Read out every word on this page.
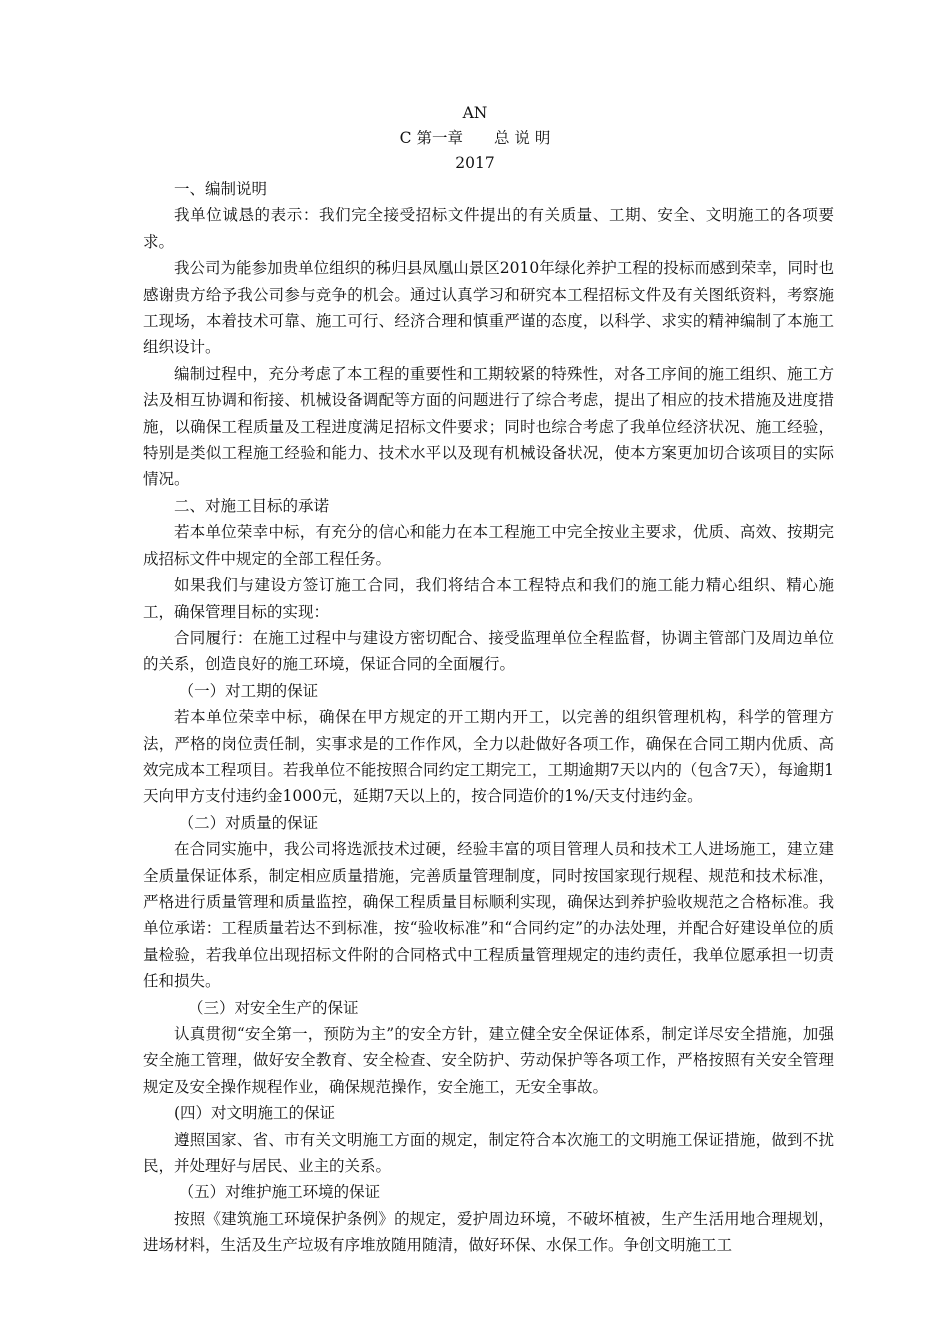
AN
C 第一章　　总 说 明
2017

一、编制说明

我单位诚恳的表示：我们完全接受招标文件提出的有关质量、工期、安全、文明施工的各项要求。

我公司为能参加贵单位组织的秭归县凤凰山景区2010年绿化养护工程的投标而感到荣幸，同时也感谢贵方给予我公司参与竞争的机会。通过认真学习和研究本工程招标文件及有关图纸资料，考察施工现场，本着技术可靠、施工可行、经济合理和慎重严谨的态度，以科学、求实的精神编制了本施工组织设计。

编制过程中，充分考虑了本工程的重要性和工期较紧的特殊性，对各工序间的施工组织、施工方法及相互协调和衔接、机械设备调配等方面的问题进行了综合考虑，提出了相应的技术措施及进度措施，以确保工程质量及工程进度满足招标文件要求；同时也综合考虑了我单位经济状况、施工经验，特别是类似工程施工经验和能力、技术水平以及现有机械设备状况，使本方案更加切合该项目的实际情况。

二、对施工目标的承诺

若本单位荣幸中标，有充分的信心和能力在本工程施工中完全按业主要求，优质、高效、按期完成招标文件中规定的全部工程任务。

如果我们与建设方签订施工合同，我们将结合本工程特点和我们的施工能力精心组织、精心施工，确保管理目标的实现：

合同履行：在施工过程中与建设方密切配合、接受监理单位全程监督，协调主管部门及周边单位的关系，创造良好的施工环境，保证合同的全面履行。

（一）对工期的保证

若本单位荣幸中标，确保在甲方规定的开工期内开工，以完善的组织管理机构，科学的管理方法，严格的岗位责任制，实事求是的工作作风，全力以赴做好各项工作，确保在合同工期内优质、高效完成本工程项目。若我单位不能按照合同约定工期完工，工期逾期7天以内的（包含7天），每逾期1天向甲方支付违约金1000元，延期7天以上的，按合同造价的1%/天支付违约金。

（二）对质量的保证

在合同实施中，我公司将选派技术过硬，经验丰富的项目管理人员和技术工人进场施工，建立建全质量保证体系，制定相应质量措施，完善质量管理制度，同时按国家现行规程、规范和技术标准，严格进行质量管理和质量监控，确保工程质量目标顺利实现，确保达到养护验收规范之合格标准。我单位承诺：工程质量若达不到标准，按“验收标准”和“合同约定”的办法处理，并配合好建设单位的质量检验，若我单位出现招标文件附的合同格式中工程质量管理规定的违约责任，我单位愿承担一切责任和损失。

（三）对安全生产的保证

认真贯彻“安全第一，预防为主”的安全方针，建立健全安全保证体系，制定详尽安全措施，加强安全施工管理，做好安全教育、安全检查、安全防护、劳动保护等各项工作，严格按照有关安全管理规定及安全操作规程作业，确保规范操作，安全施工，无安全事故。

(四）对文明施工的保证

遵照国家、省、市有关文明施工方面的规定，制定符合本次施工的文明施工保证措施，做到不扰民，并处理好与居民、业主的关系。

（五）对维护施工环境的保证

按照《建筑施工环境保护条例》的规定，爱护周边环境，不破坏植被，生产生活用地合理规划，进场材料，生活及生产垃圾有序堆放随用随清，做好环保、水保工作。争创文明施工工
